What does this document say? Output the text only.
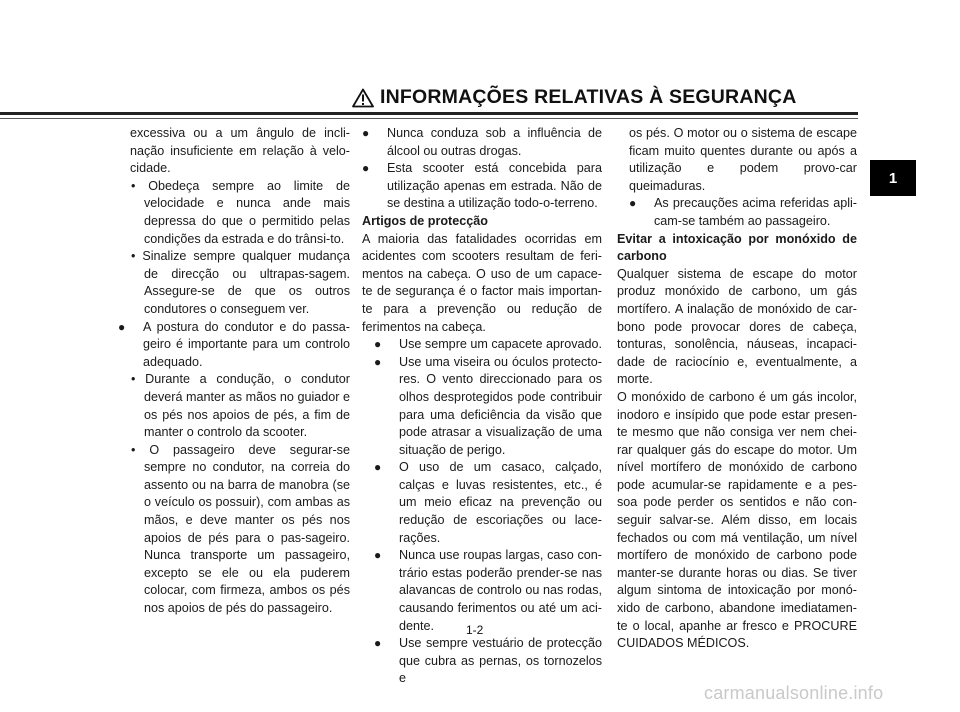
INFORMAÇÕES RELATIVAS À SEGURANÇA
1

excessiva ou a um ângulo de incli-nação insuficiente em relação à velo-cidade.

• Obedeça sempre ao limite de velocidade e nunca ande mais depressa do que o permitido pelas condições da estrada e do trânsi-to.

• Sinalize sempre qualquer mudança de direcção ou ultrapas-sagem. Assegure-se de que os outros condutores o conseguem ver.

● A postura do condutor e do passa-geiro é importante para um controlo adequado.

• Durante a condução, o condutor deverá manter as mãos no guiador e os pés nos apoios de pés, a fim de manter o controlo da scooter.

• O passageiro deve segurar-se sempre no condutor, na correia do assento ou na barra de manobra (se o veículo os possuir), com ambas as mãos, e deve manter os pés nos apoios de pés para o pas-sageiro. Nunca transporte um passageiro, excepto se ele ou ela puderem colocar, com firmeza, ambos os pés nos apoios de pés do passageiro.

● Nunca conduza sob a influência de álcool ou outras drogas.

● Esta scooter está concebida para utilização apenas em estrada. Não de se destina a utilização todo-o-terreno.

Artigos de protecção

A maioria das fatalidades ocorridas em acidentes com scooters resultam de feri-mentos na cabeça. O uso de um capace-te de segurança é o factor mais importan-te para a prevenção ou redução de ferimentos na cabeça.

● Use sempre um capacete aprovado.

● Use uma viseira ou óculos protecto-res. O vento direccionado para os olhos desprotegidos pode contribuir para uma deficiência da visão que pode atrasar a visualização de uma situação de perigo.

● O uso de um casaco, calçado, calças e luvas resistentes, etc., é um meio eficaz na prevenção ou redução de escoriações ou lace-rações.

● Nunca use roupas largas, caso con-trário estas poderão prender-se nas alavancas de controlo ou nas rodas, causando ferimentos ou até um aci-dente.

● Use sempre vestuário de protecção que cubra as pernas, os tornozelos e

os pés. O motor ou o sistema de escape ficam muito quentes durante ou após a utilização e podem provo-car queimaduras.

● As precauções acima referidas apli-cam-se também ao passageiro.

Evitar a intoxicação por monóxido de carbono

Qualquer sistema de escape do motor produz monóxido de carbono, um gás mortífero. A inalação de monóxido de car-bono pode provocar dores de cabeça, tonturas, sonolência, náuseas, incapaci-dade de raciocínio e, eventualmente, a morte.

O monóxido de carbono é um gás incolor, inodoro e insípido que pode estar presen-te mesmo que não consiga ver nem chei-rar qualquer gás do escape do motor. Um nível mortífero de monóxido de carbono pode acumular-se rapidamente e a pes-soa pode perder os sentidos e não con-seguir salvar-se. Além disso, em locais fechados ou com má ventilação, um nível mortífero de monóxido de carbono pode manter-se durante horas ou dias. Se tiver algum sintoma de intoxicação por monó-xido de carbono, abandone imediatamen-te o local, apanhe ar fresco e PROCURE CUIDADOS MÉDICOS.

1-2
carmanualsonline.info
